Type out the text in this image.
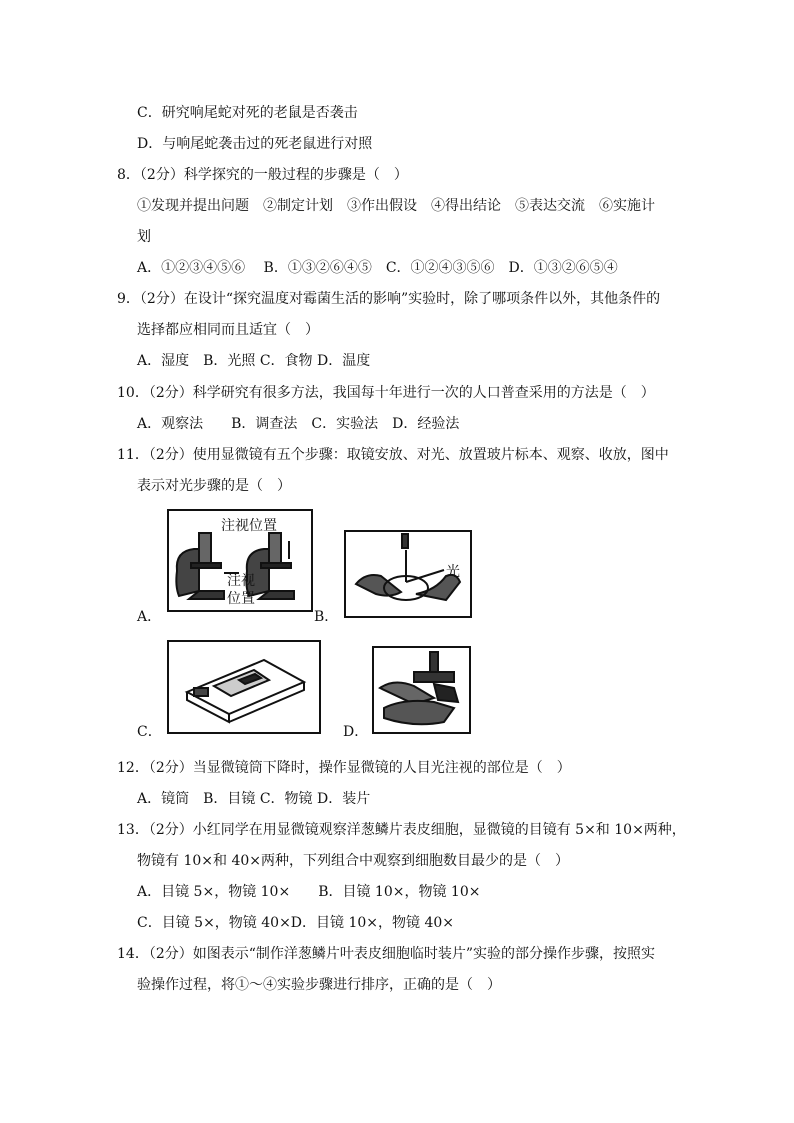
C．研究响尾蛇对死的老鼠是否袭击
D．与响尾蛇袭击过的死老鼠进行对照
8．（2分）科学探究的一般过程的步骤是（　）
①发现并提出问题　②制定计划　③作出假设　④得出结论　⑤表达交流　⑥实施计
划
A．①②③④⑤⑥　 B．①③②⑥④⑤　C．①②④③⑤⑥　D．①③②⑥⑤④
9．（2分）在设计“探究温度对霉菌生活的影响”实验时，除了哪项条件以外，其他条件的
选择都应相同而且适宜（　）
A．湿度　B．光照 C．食物 D．温度
10．（2分）科学研究有很多方法，我国每十年进行一次的人口普查采用的方法是（　）
A．观察法　　B．调查法　C．实验法　D．经验法
11．（2分）使用显微镜有五个步骤：取镜安放、对光、放置玻片标本、观察、收放，图中
表示对光步骤的是（　）
注视位置
注视
位置
A．
光
B．
C．	D．
12．（2分）当显微镜筒下降时，操作显微镜的人目光注视的部位是（　）
A．镜筒　B．目镜 C．物镜 D．装片
13．（2分）小红同学在用显微镜观察洋葱鳞片表皮细胞，显微镜的目镜有 5×和 10×两种，
物镜有 10×和 40×两种，下列组合中观察到细胞数目最少的是（　）
A．目镜 5×，物镜 10×　　B．目镜 10×，物镜 10×
C．目镜 5×，物镜 40×D．目镜 10×，物镜 40×
14．（2分）如图表示“制作洋葱鳞片叶表皮细胞临时装片”实验的部分操作步骤，按照实
验操作过程，将①～④实验步骤进行排序，正确的是（　）
